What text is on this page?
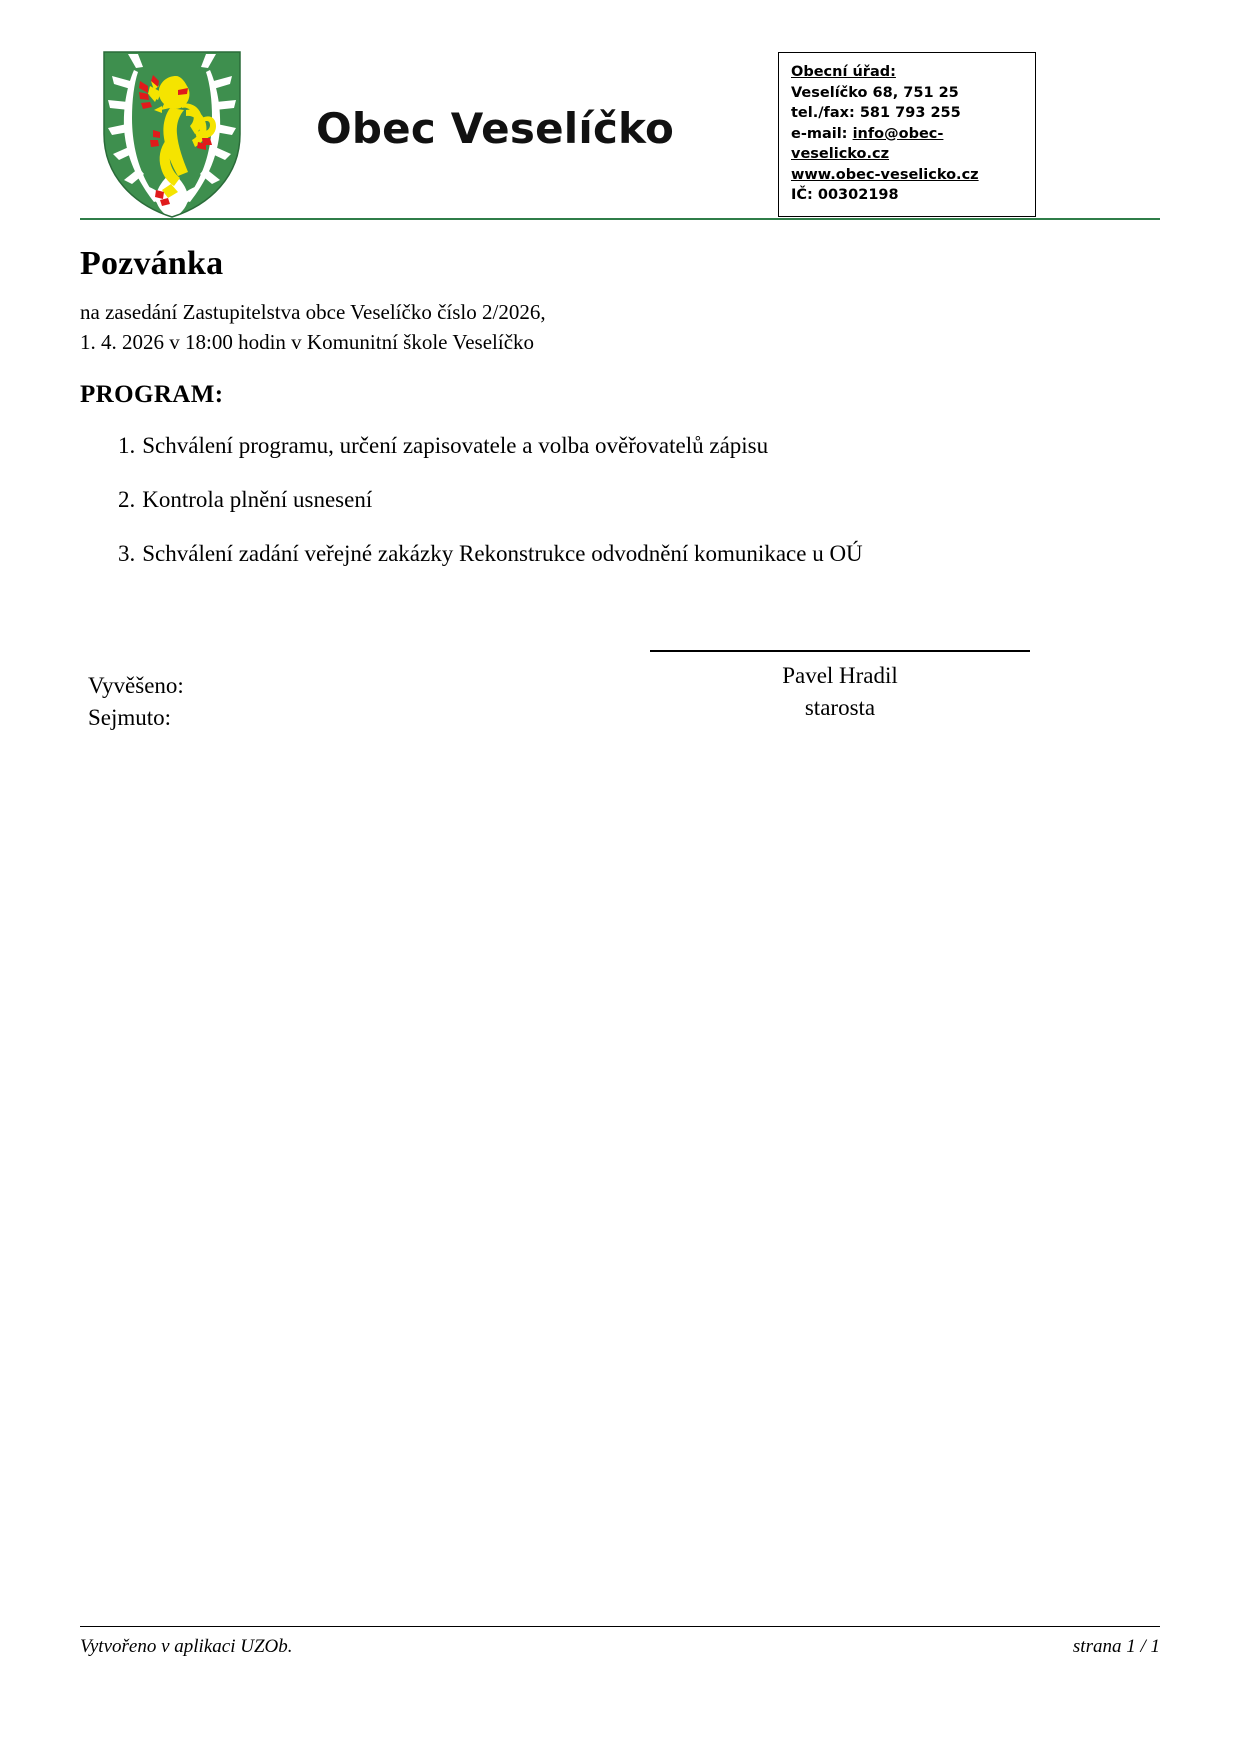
Obec Veselíčko
Obecní úřad:
Veselíčko 68, 751 25
tel./fax: 581 793 255
e-mail: info@obec-veselicko.cz
www.obec-veselicko.cz
IČ: 00302198
Pozvánka
na zasedání Zastupitelstva obce Veselíčko číslo 2/2026,
1. 4. 2026 v 18:00 hodin v Komunitní škole Veselíčko
PROGRAM:
1. Schválení programu, určení zapisovatele a volba ověřovatelů zápisu
2. Kontrola plnění usnesení
3. Schválení zadání veřejné zakázky Rekonstrukce odvodnění komunikace u OÚ
Vyvěšeno:
Sejmuto:
Pavel Hradil
starosta
Vytvořeno v aplikaci UZOb.	strana 1 / 1
